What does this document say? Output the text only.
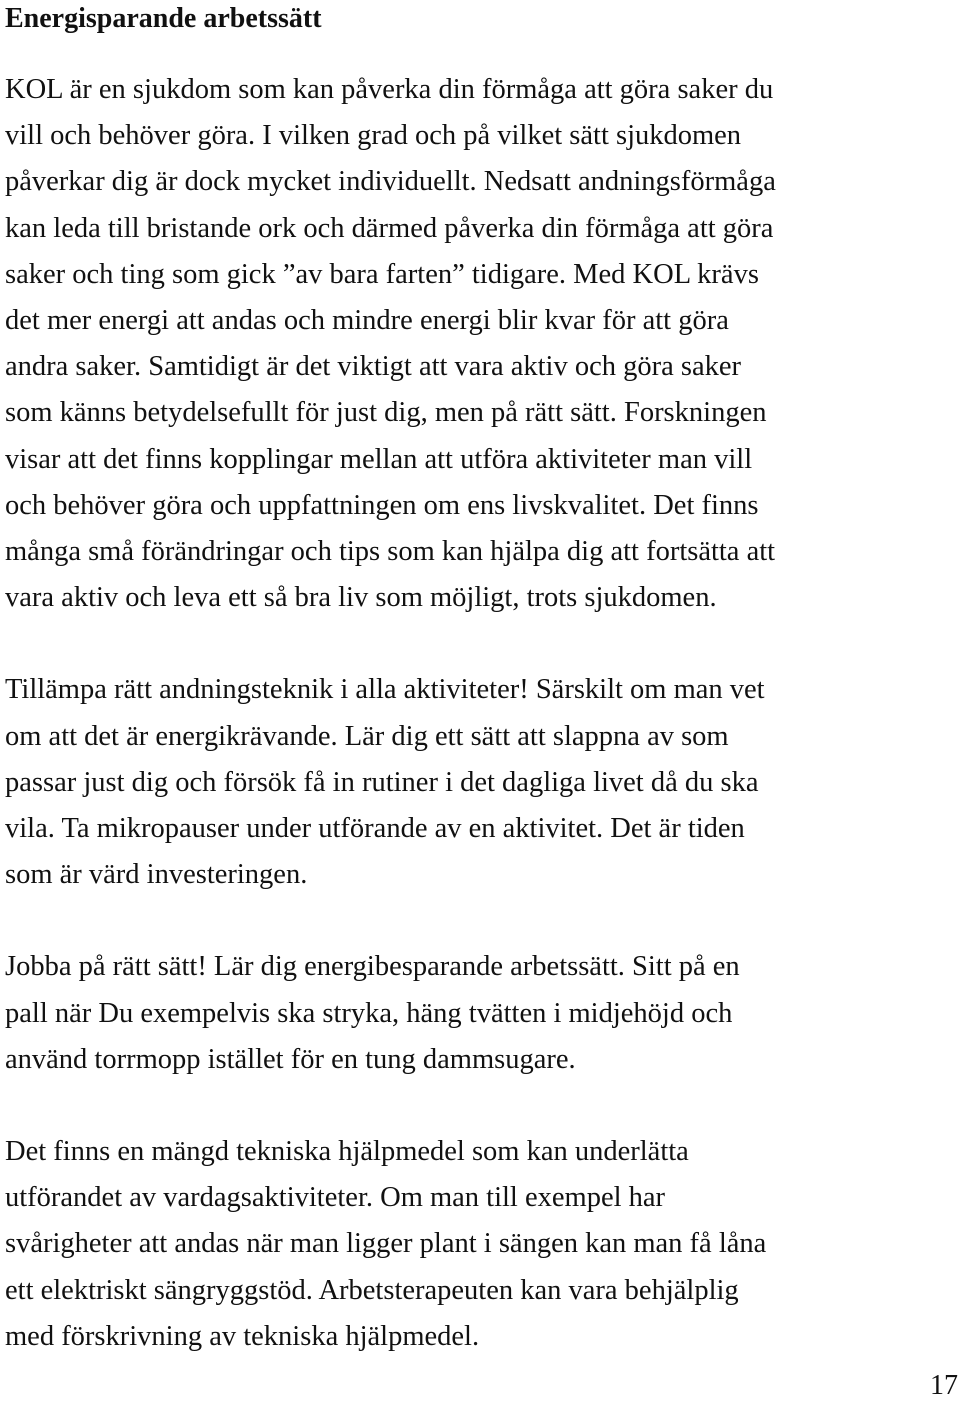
Energisparande arbetssätt

KOL är en sjukdom som kan påverka din förmåga att göra saker du
vill och behöver göra. I vilken grad och på vilket sätt sjukdomen
påverkar dig är dock mycket individuellt. Nedsatt andningsförmåga
kan leda till bristande ork och därmed påverka din förmåga att göra
saker och ting som gick ”av bara farten” tidigare. Med KOL krävs
det mer energi att andas och mindre energi blir kvar för att göra
andra saker. Samtidigt är det viktigt att vara aktiv och göra saker
som känns betydelsefullt för just dig, men på rätt sätt. Forskningen
visar att det finns kopplingar mellan att utföra aktiviteter man vill
och behöver göra och uppfattningen om ens livskvalitet. Det finns
många små förändringar och tips som kan hjälpa dig att fortsätta att
vara aktiv och leva ett så bra liv som möjligt, trots sjukdomen.

Tillämpa rätt andningsteknik i alla aktiviteter! Särskilt om man vet
om att det är energikrävande. Lär dig ett sätt att slappna av som
passar just dig och försök få in rutiner i det dagliga livet då du ska
vila. Ta mikropauser under utförande av en aktivitet. Det är tiden
som är värd investeringen.

Jobba på rätt sätt! Lär dig energibesparande arbetssätt. Sitt på en
pall när Du exempelvis ska stryka, häng tvätten i midjehöjd och
använd torrmopp istället för en tung dammsugare.

Det finns en mängd tekniska hjälpmedel som kan underlätta
utförandet av vardagsaktiviteter. Om man till exempel har
svårigheter att andas när man ligger plant i sängen kan man få låna
ett elektriskt sängryggstöd. Arbetsterapeuten kan vara behjälplig
med förskrivning av tekniska hjälpmedel.

17
